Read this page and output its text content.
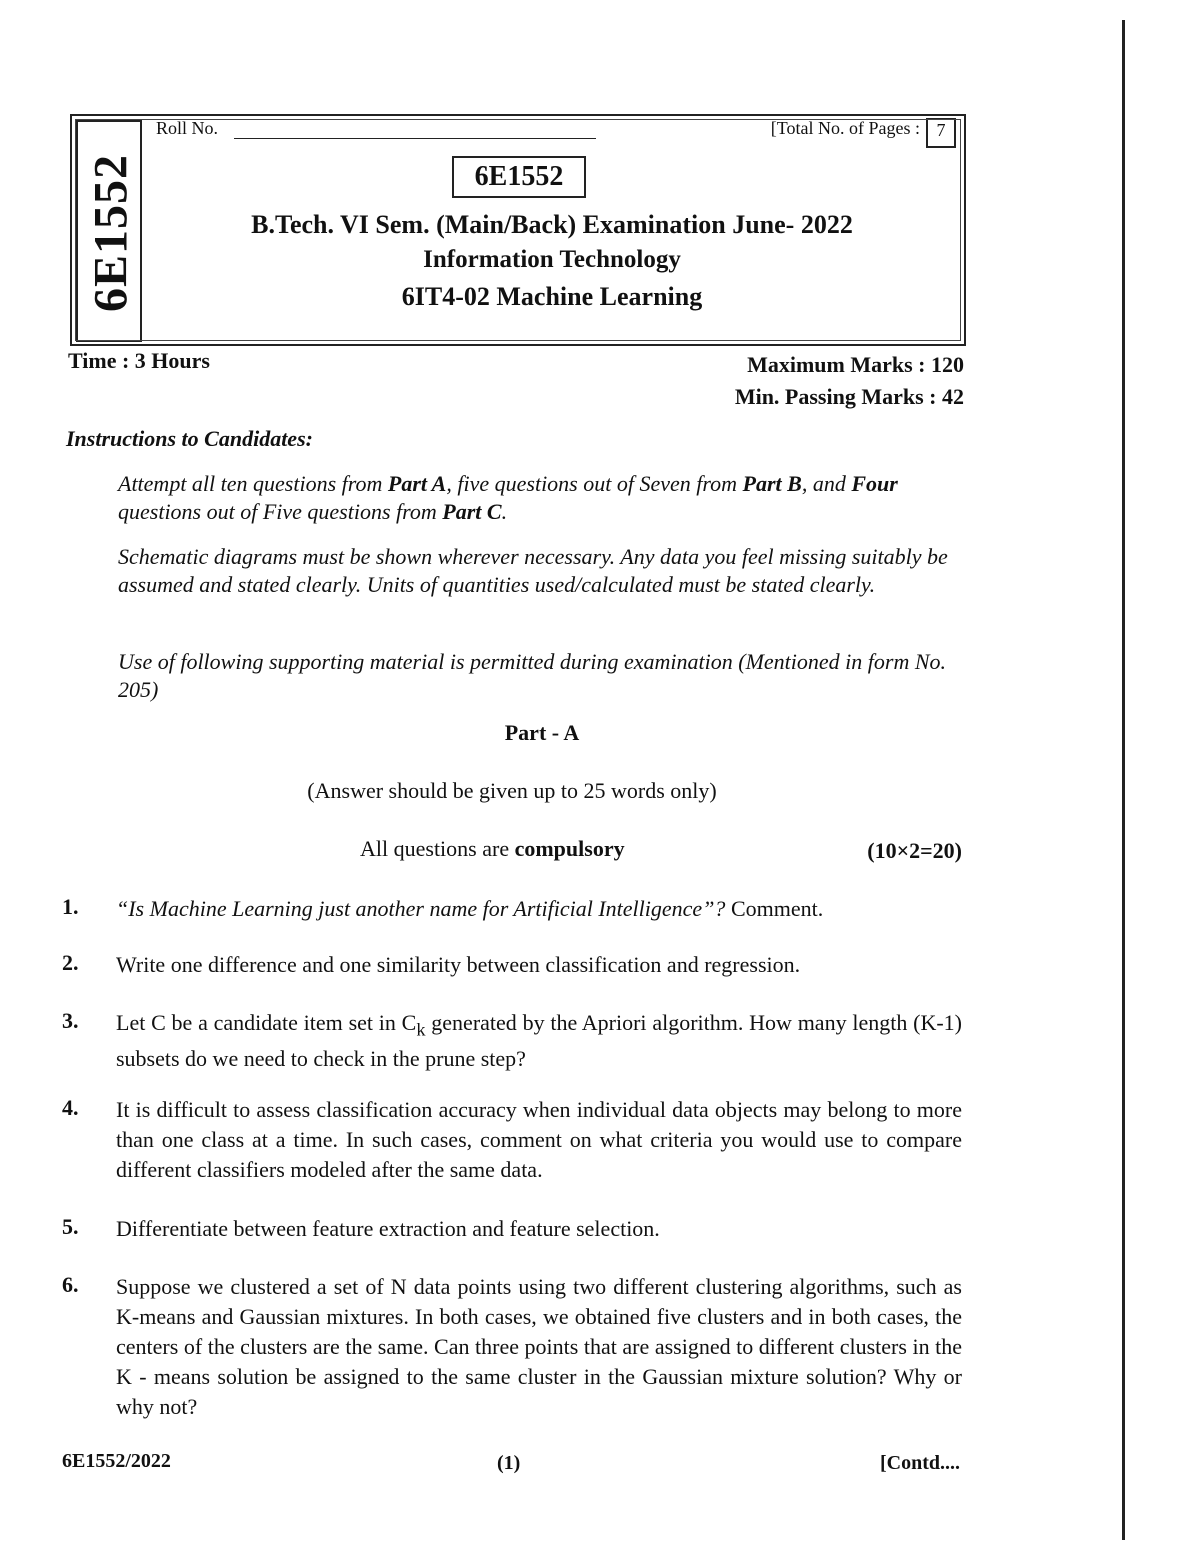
6E1552
Roll No.	[Total No. of Pages : 7
6E1552
B.Tech. VI Sem. (Main/Back) Examination June- 2022
Information Technology
6IT4-02 Machine Learning
Time : 3 Hours	Maximum Marks : 120
Min. Passing Marks : 42
Instructions to Candidates:
Attempt all ten questions from Part A, five questions out of Seven from Part B, and Four questions out of Five questions from Part C.
Schematic diagrams must be shown wherever necessary. Any data you feel missing suitably be assumed and stated clearly. Units of quantities used/calculated must be stated clearly.
Use of following supporting material is permitted during examination (Mentioned in form No. 205)
Part - A
(Answer should be given up to 25 words only)
All questions are compulsory	(10×2=20)
1. “Is Machine Learning just another name for Artificial Intelligence”? Comment.
2. Write one difference and one similarity between classification and regression.
3. Let C be a candidate item set in $C_k$ generated by the Apriori algorithm. How many length (K-1) subsets do we need to check in the prune step?
4. It is difficult to assess classification accuracy when individual data objects may belong to more than one class at a time. In such cases, comment on what criteria you would use to compare different classifiers modeled after the same data.
5. Differentiate between feature extraction and feature selection.
6. Suppose we clustered a set of N data points using two different clustering algorithms, such as K-means and Gaussian mixtures. In both cases, we obtained five clusters and in both cases, the centers of the clusters are the same. Can three points that are assigned to different clusters in the K - means solution be assigned to the same cluster in the Gaussian mixture solution? Why or why not?
6E1552/2022	(1)	[Contd....
